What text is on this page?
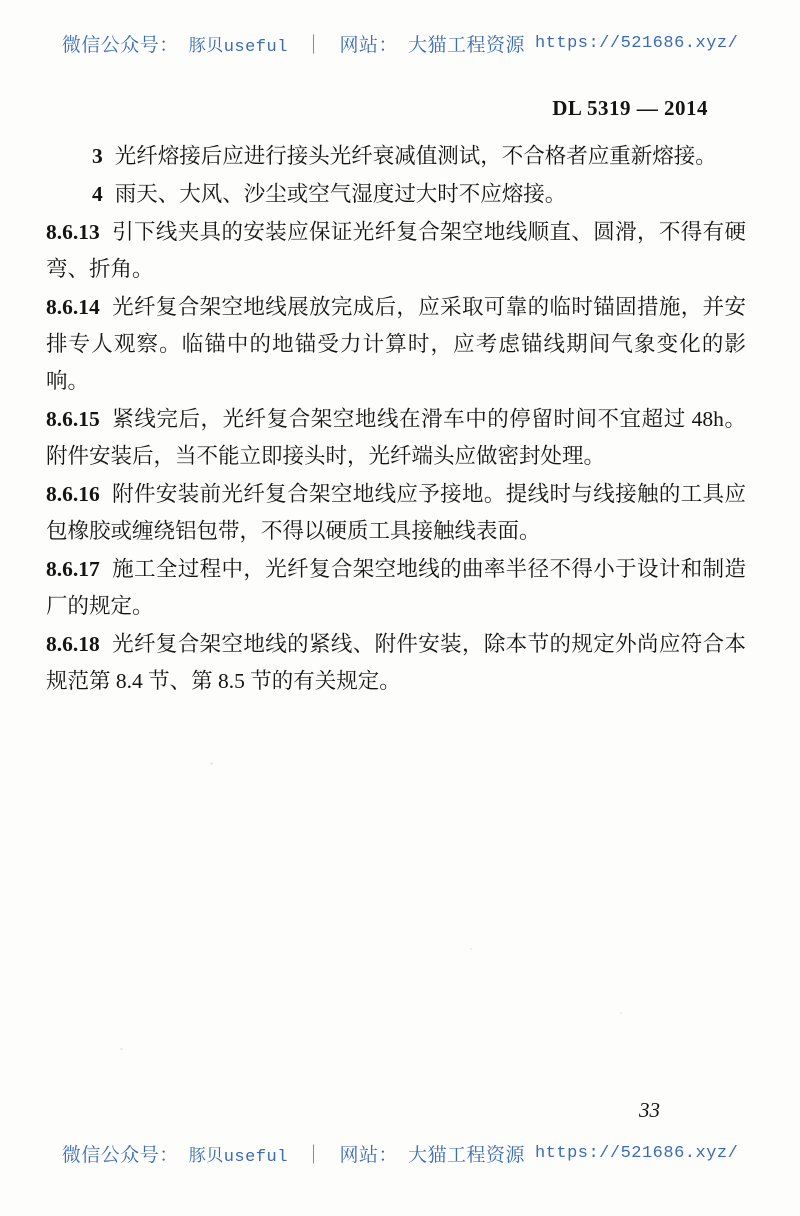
微信公众号： 豚贝useful ｜ 网站： 大猫工程资源 https://521686.xyz/
DL 5319 — 2014

3 光纤熔接后应进行接头光纤衰减值测试，不合格者应重新熔接。

4 雨天、大风、沙尘或空气湿度过大时不应熔接。

8.6.13 引下线夹具的安装应保证光纤复合架空地线顺直、圆滑，不得有硬弯、折角。

8.6.14 光纤复合架空地线展放完成后，应采取可靠的临时锚固措施，并安排专人观察。临锚中的地锚受力计算时，应考虑锚线期间气象变化的影响。

8.6.15 紧线完后，光纤复合架空地线在滑车中的停留时间不宜超过 48h。附件安装后，当不能立即接头时，光纤端头应做密封处理。

8.6.16 附件安装前光纤复合架空地线应予接地。提线时与线接触的工具应包橡胶或缠绕铝包带，不得以硬质工具接触线表面。

8.6.17 施工全过程中，光纤复合架空地线的曲率半径不得小于设计和制造厂的规定。

8.6.18 光纤复合架空地线的紧线、附件安装，除本节的规定外尚应符合本规范第 8.4 节、第 8.5 节的有关规定。

33
微信公众号： 豚贝useful ｜ 网站： 大猫工程资源 https://521686.xyz/
